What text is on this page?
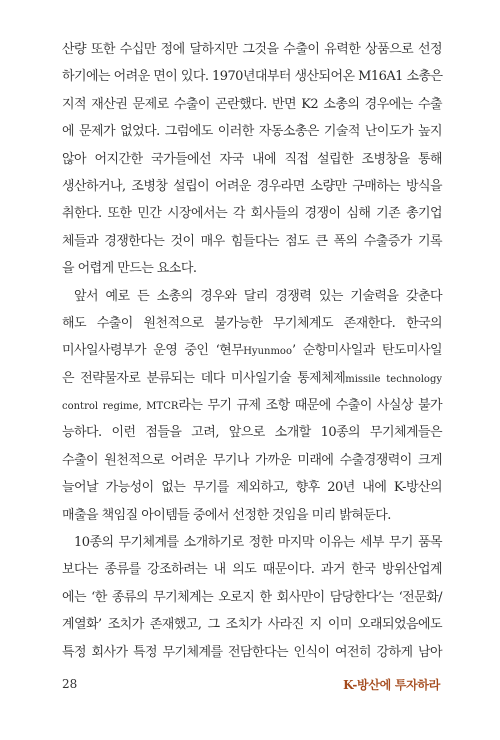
산량 또한 수십만 정에 달하지만 그것을 수출이 유력한 상품으로 선정
하기에는 어려운 면이 있다. 1970년대부터 생산되어온 M16A1 소총은
지적 재산권 문제로 수출이 곤란했다. 반면 K2 소총의 경우에는 수출
에 문제가 없었다. 그럼에도 이러한 자동소총은 기술적 난이도가 높지
않아 어지간한 국가들에선 자국 내에 직접 설립한 조병창을 통해
생산하거나, 조병창 설립이 어려운 경우라면 소량만 구매하는 방식을
취한다. 또한 민간 시장에서는 각 회사들의 경쟁이 심해 기존 총기업
체들과 경쟁한다는 것이 매우 힘들다는 점도 큰 폭의 수출증가 기록
을 어렵게 만드는 요소다.
앞서 예로 든 소총의 경우와 달리 경쟁력 있는 기술력을 갖춘다
해도 수출이 원천적으로 불가능한 무기체계도 존재한다. 한국의
미사일사령부가 운영 중인 ‘현무Hyunmoo’ 순항미사일과 탄도미사일
은 전략물자로 분류되는 데다 미사일기술 통제체제missile technology
control regime, MTCR라는 무기 규제 조항 때문에 수출이 사실상 불가
능하다. 이런 점들을 고려, 앞으로 소개할 10종의 무기체계들은
수출이 원천적으로 어려운 무기나 가까운 미래에 수출경쟁력이 크게
늘어날 가능성이 없는 무기를 제외하고, 향후 20년 내에 K-방산의
매출을 책임질 아이템들 중에서 선정한 것임을 미리 밝혀둔다.
10종의 무기체계를 소개하기로 정한 마지막 이유는 세부 무기 품목
보다는 종류를 강조하려는 내 의도 때문이다. 과거 한국 방위산업계
에는 ‘한 종류의 무기체계는 오로지 한 회사만이 담당한다’는 ‘전문화/
계열화’ 조치가 존재했고, 그 조치가 사라진 지 이미 오래되었음에도
특정 회사가 특정 무기체계를 전담한다는 인식이 여전히 강하게 남아
28	K-방산에 투자하라
